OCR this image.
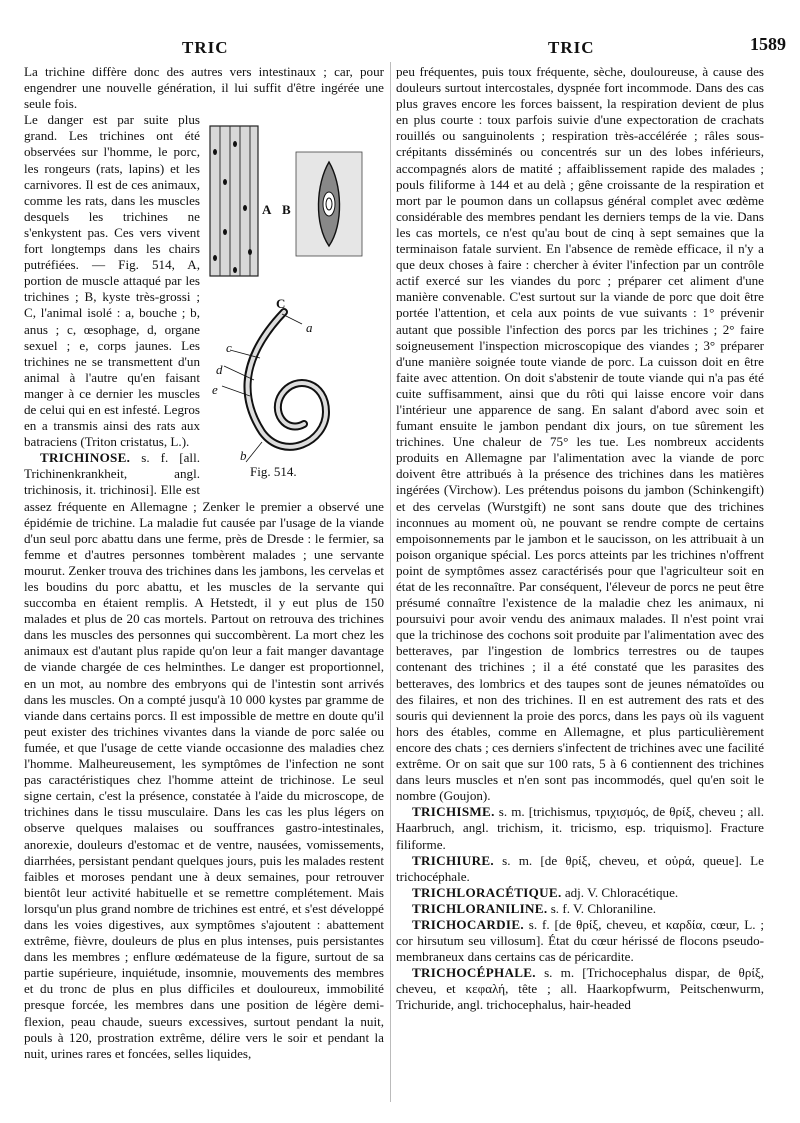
TRIC	TRIC	1589

La trichine diffère donc des autres vers intestinaux ; car, pour engendrer une nouvelle génération, il lui suffit d'être ingérée une seule fois.

A B
C
a
c
d
e
b
Fig. 514.

Le danger est par suite plus grand. Les trichines ont été observées sur l'homme, le porc, les rongeurs (rats, lapins) et les carnivores. Il est de ces animaux, comme les rats, dans les muscles desquels les trichines ne s'enkystent pas. Ces vers vivent fort longtemps dans les chairs putréfiées. — Fig. 514, A, portion de muscle attaqué par les trichines ; B, kyste très-grossi ; C, l'animal isolé : a, bouche ; b, anus ; c, œsophage, d, organe sexuel ; e, corps jaunes. Les trichines ne se transmettent d'un animal à l'autre qu'en faisant manger à ce dernier les muscles de celui qui en est infesté. Legros en a transmis ainsi des rats aux batraciens (Triton cristatus, L.).

TRICHINOSE. s. f. [all. Trichinenkrankheit, angl. trichinosis, it. trichinosi]. Elle est assez fréquente en Allemagne ; Zenker le premier a observé une épidémie de trichine. La maladie fut causée par l'usage de la viande d'un seul porc abattu dans une ferme, près de Dresde : le fermier, sa femme et d'autres personnes tombèrent malades ; une servante mourut. Zenker trouva des trichines dans les jambons, les cervelas et les boudins du porc abattu, et les muscles de la servante qui succomba en étaient remplis. A Hetstedt, il y eut plus de 150 malades et plus de 20 cas mortels. Partout on retrouva des trichines dans les muscles des personnes qui succombèrent. La mort chez les animaux est d'autant plus rapide qu'on leur a fait manger davantage de viande chargée de ces helminthes. Le danger est proportionnel, en un mot, au nombre des embryons qui de l'intestin sont arrivés dans les muscles. On a compté jusqu'à 10 000 kystes par gramme de viande dans certains porcs. Il est impossible de mettre en doute qu'il peut exister des trichines vivantes dans la viande de porc salée ou fumée, et que l'usage de cette viande occasionne des maladies chez l'homme. Malheureusement, les symptômes de l'infection ne sont pas caractéristiques chez l'homme atteint de trichinose. Le seul signe certain, c'est la présence, constatée à l'aide du microscope, de trichines dans le tissu musculaire. Dans les cas les plus légers on observe quelques malaises ou souffrances gastro-intestinales, anorexie, douleurs d'estomac et de ventre, nausées, vomissements, diarrhées, persistant pendant quelques jours, puis les malades restent faibles et moroses pendant une à deux semaines, pour retrouver bientôt leur activité habituelle et se remettre complétement. Mais lorsqu'un plus grand nombre de trichines est entré, et s'est développé dans les voies digestives, aux symptômes s'ajoutent : abattement extrême, fièvre, douleurs de plus en plus intenses, puis persistantes dans les membres ; enflure œdémateuse de la figure, surtout de sa partie supérieure, inquiétude, insomnie, mouvements des membres et du tronc de plus en plus difficiles et douloureux, immobilité presque forcée, les membres dans une position de légère demi-flexion, peau chaude, sueurs excessives, surtout pendant la nuit, pouls à 120, prostration extrême, délire vers le soir et pendant la nuit, urines rares et foncées, selles liquides,

peu fréquentes, puis toux fréquente, sèche, douloureuse, à cause des douleurs surtout intercostales, dyspnée fort incommode. Dans des cas plus graves encore les forces baissent, la respiration devient de plus en plus courte : toux parfois suivie d'une expectoration de crachats rouillés ou sanguinolents ; respiration très-accélérée ; râles sous-crépitants disséminés ou concentrés sur un des lobes inférieurs, accompagnés alors de matité ; affaiblissement rapide des malades ; pouls filiforme à 144 et au delà ; gêne croissante de la respiration et mort par le poumon dans un collapsus général complet avec œdème considérable des membres pendant les derniers temps de la vie. Dans les cas mortels, ce n'est qu'au bout de cinq à sept semaines que la terminaison fatale survient. En l'absence de remède efficace, il n'y a que deux choses à faire : chercher à éviter l'infection par un contrôle actif exercé sur les viandes du porc ; préparer cet aliment d'une manière convenable. C'est surtout sur la viande de porc que doit être portée l'attention, et cela aux points de vue suivants : 1° prévenir autant que possible l'infection des porcs par les trichines ; 2° faire soigneusement l'inspection microscopique des viandes ; 3° préparer d'une manière soignée toute viande de porc. La cuisson doit en être faite avec attention. On doit s'abstenir de toute viande qui n'a pas été cuite suffisamment, ainsi que du rôti qui laisse encore voir dans l'intérieur une apparence de sang. En salant d'abord avec soin et fumant ensuite le jambon pendant dix jours, on tue sûrement les trichines. Une chaleur de 75° les tue. Les nombreux accidents produits en Allemagne par l'alimentation avec la viande de porc doivent être attribués à la présence des trichines dans les matières ingérées (Virchow). Les prétendus poisons du jambon (Schinkengift) et des cervelas (Wurstgift) ne sont sans doute que des trichines inconnues au moment où, ne pouvant se rendre compte de certains empoisonnements par le jambon et le saucisson, on les attribuait à un poison organique spécial. Les porcs atteints par les trichines n'offrent point de symptômes assez caractérisés pour que l'agriculteur soit en état de les reconnaître. Par conséquent, l'éleveur de porcs ne peut être présumé connaître l'existence de la maladie chez les animaux, ni poursuivi pour avoir vendu des animaux malades. Il n'est point vrai que la trichinose des cochons soit produite par l'alimentation avec des betteraves, par l'ingestion de lombrics terrestres ou de taupes contenant des trichines ; il a été constaté que les parasites des betteraves, des lombrics et des taupes sont de jeunes nématoïdes ou des filaires, et non des trichines. Il en est autrement des rats et des souris qui deviennent la proie des porcs, dans les pays où ils vaguent hors des étables, comme en Allemagne, et plus particulièrement encore des chats ; ces derniers s'infectent de trichines avec une facilité extrême. Or on sait que sur 100 rats, 5 à 6 contiennent des trichines dans leurs muscles et n'en sont pas incommodés, quel qu'en soit le nombre (Goujon).

TRICHISME. s. m. [trichismus, τριχισμός, de θρίξ, cheveu ; all. Haarbruch, angl. trichism, it. tricismo, esp. triquismo]. Fracture filiforme.

TRICHIURE. s. m. [de θρίξ, cheveu, et οὐρά, queue]. Le trichocéphale.

TRICHLORACÉTIQUE. adj. V. Chloracétique.

TRICHLORANILINE. s. f. V. Chloraniline.

TRICHOCARDIE. s. f. [de θρίξ, cheveu, et καρδία, cœur, L. ; cor hirsutum seu villosum]. État du cœur hérissé de flocons pseudo-membraneux dans certains cas de péricardite.

TRICHOCÉPHALE. s. m. [Trichocephalus dispar, de θρίξ, cheveu, et κεφαλή, tête ; all. Haarkopfwurm, Peitschenwurm, Trichuride, angl. trichocephalus, hair-headed
